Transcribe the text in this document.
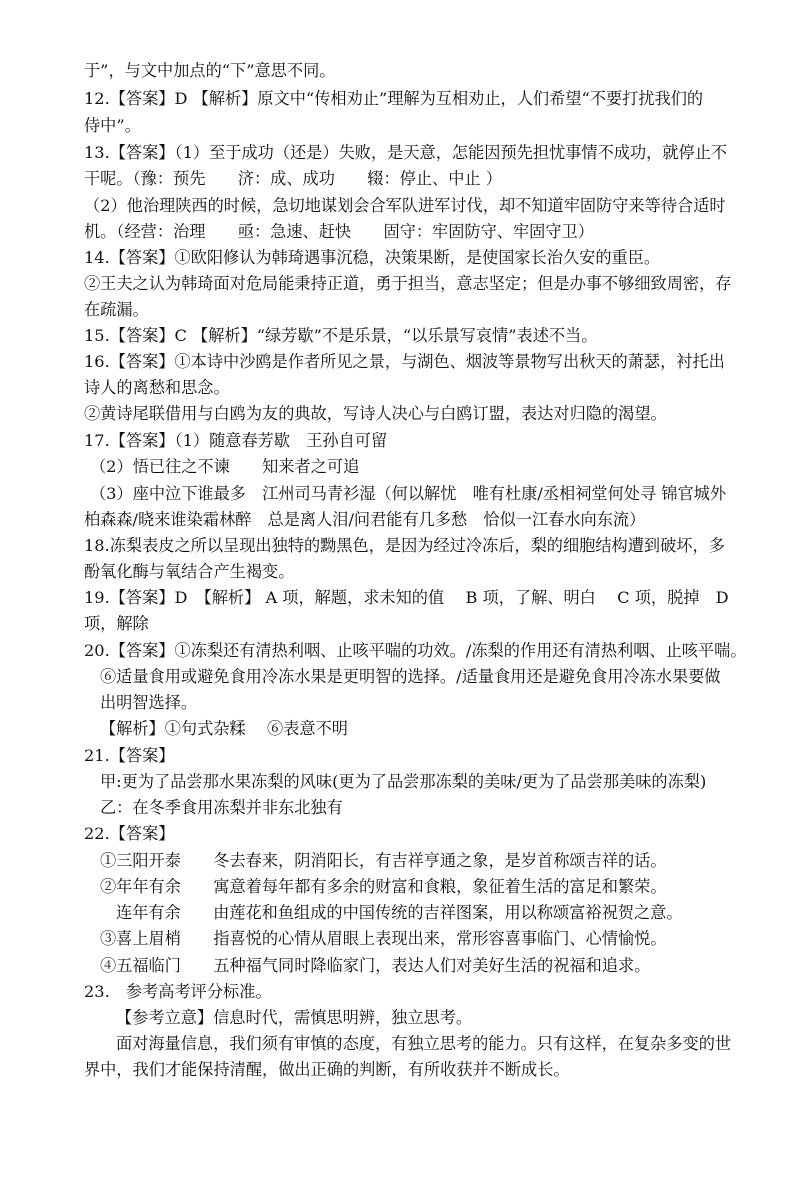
于”，与文中加点的“下”意思不同。
12.【答案】D 【解析】原文中“传相劝止”理解为互相劝止，人们希望“不要打扰我们的
侍中”。
13.【答案】（1）至于成功（还是）失败，是天意，怎能因预先担忧事情不成功，就停止不
干呢。（豫：预先　　济：成、成功　　辍：停止、中止 ）
（2）他治理陕西的时候，急切地谋划会合军队进军讨伐，却不知道牢固防守来等待合适时
机。（经营：治理　　亟：急速、赶快　　固守：牢固防守、牢固守卫）
14.【答案】①欧阳修认为韩琦遇事沉稳，决策果断，是使国家长治久安的重臣。
②王夫之认为韩琦面对危局能秉持正道，勇于担当，意志坚定；但是办事不够细致周密，存
在疏漏。
15.【答案】C 【解析】“绿芳歇”不是乐景，“以乐景写哀情”表述不当。
16.【答案】①本诗中沙鸥是作者所见之景，与湖色、烟波等景物写出秋天的萧瑟，衬托出
诗人的离愁和思念。
②黄诗尾联借用与白鸥为友的典故，写诗人决心与白鸥订盟，表达对归隐的渴望。
17.【答案】（1）随意春芳歇　王孙自可留
（2）悟已往之不谏　　知来者之可追
（3）座中泣下谁最多　江州司马青衫湿（何以解忧　唯有杜康/丞相祠堂何处寻 锦官城外
柏森森/晓来谁染霜林醉　总是离人泪/问君能有几多愁　恰似一江春水向东流）
18.冻梨表皮之所以呈现出独特的黝黑色，是因为经过冷冻后，梨的细胞结构遭到破坏，多
酚氧化酶与氧结合产生褐变。
19.【答案】D　【解析】 A 项，解题，求未知的值　 B 项，了解、明白　 C 项，脱掉　D
项，解除
20.【答案】①冻梨还有清热利咽、止咳平喘的功效。/冻梨的作用还有清热利咽、止咳平喘。
⑥适量食用或避免食用冷冻水果是更明智的选择。/适量食用还是避免食用冷冻水果要做
出明智选择。
【解析】①句式杂糅　 ⑥表意不明
21.【答案】
甲:更为了品尝那水果冻梨的风味(更为了品尝那冻梨的美味/更为了品尝那美味的冻梨)
乙：在冬季食用冻梨并非东北独有
22.【答案】
①三阳开泰　　冬去春来，阴消阳长，有吉祥亨通之象，是岁首称颂吉祥的话。
②年年有余　　寓意着每年都有多余的财富和食粮，象征着生活的富足和繁荣。
连年有余　　由莲花和鱼组成的中国传统的吉祥图案，用以称颂富裕祝贺之意。
③喜上眉梢　　指喜悦的心情从眉眼上表现出来，常形容喜事临门、心情愉悦。
④五福临门　　五种福气同时降临家门，表达人们对美好生活的祝福和追求。
23.　参考高考评分标准。
【参考立意】信息时代，需慎思明辨，独立思考。
面对海量信息，我们须有审慎的态度，有独立思考的能力。只有这样，在复杂多变的世
界中，我们才能保持清醒，做出正确的判断，有所收获并不断成长。
